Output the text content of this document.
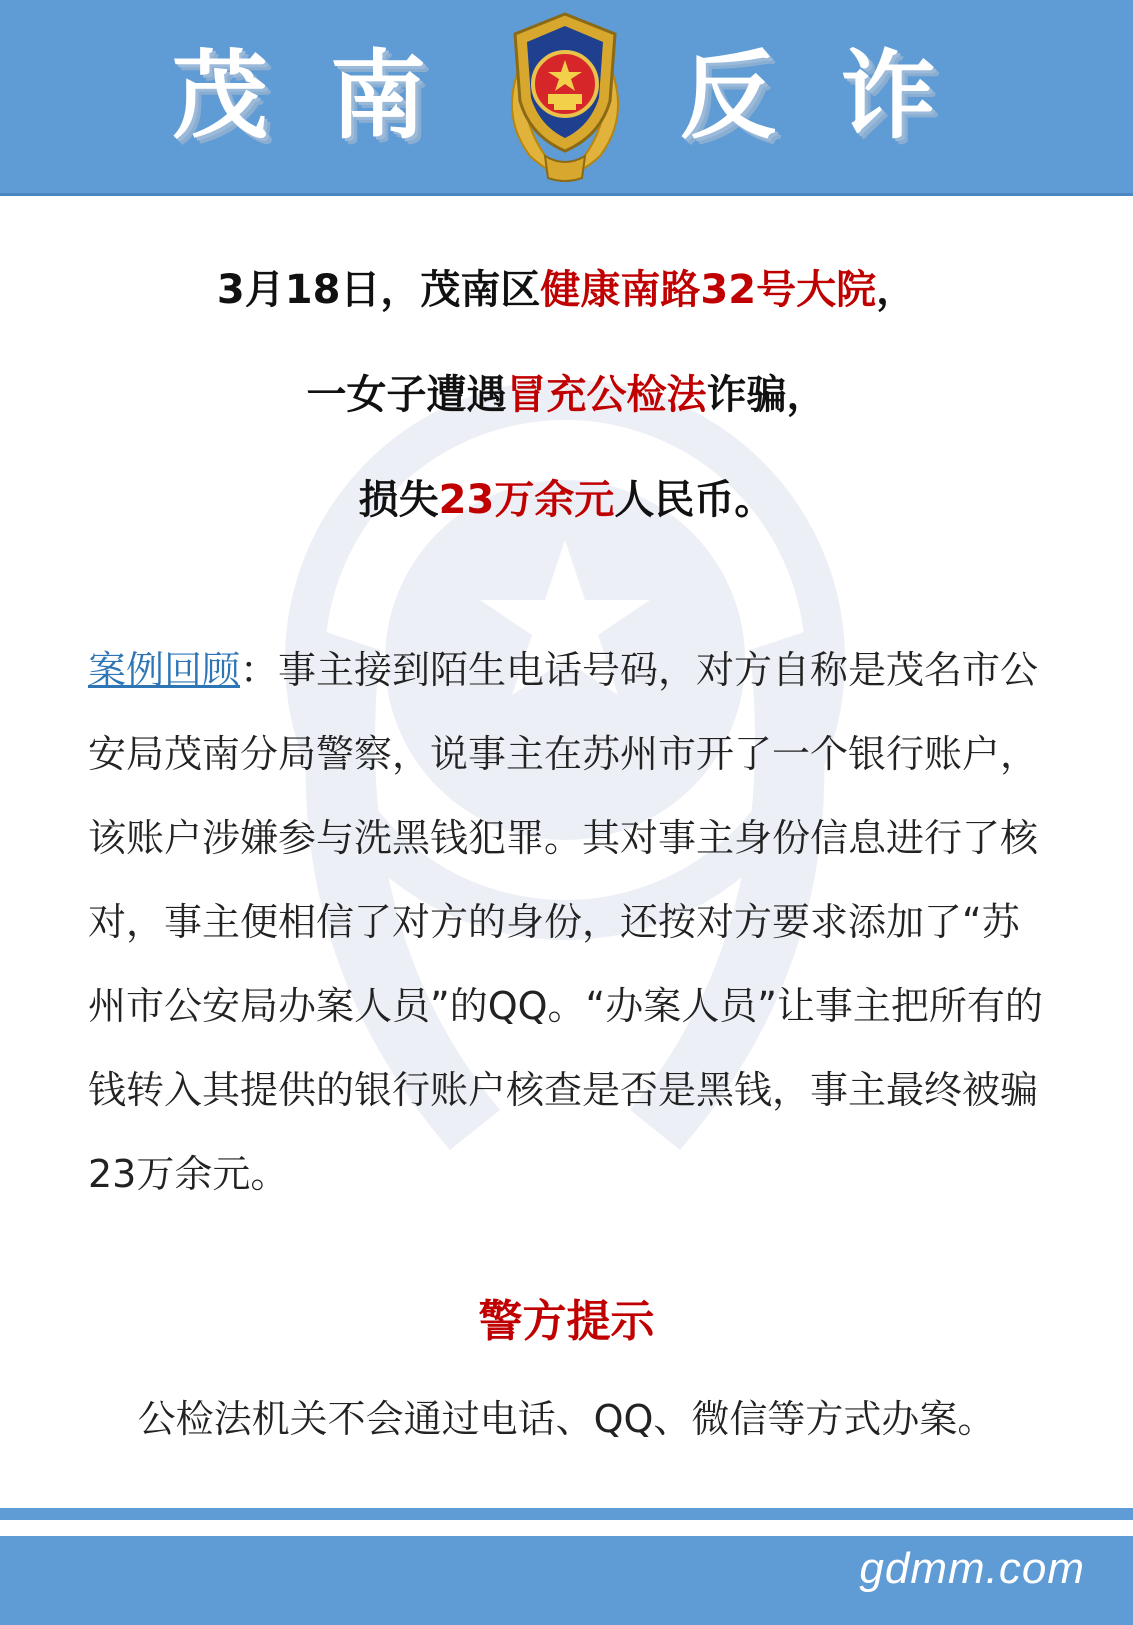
茂 南	反 诈
3月18日，茂南区健康南路32号大院，
一女子遭遇冒充公检法诈骗，
损失23万余元人民币。
案例回顾：事主接到陌生电话号码，对方自称是茂名市公安局茂南分局警察，说事主在苏州市开了一个银行账户，该账户涉嫌参与洗黑钱犯罪。其对事主身份信息进行了核对，事主便相信了对方的身份，还按对方要求添加了“苏州市公安局办案人员”的QQ。“办案人员”让事主把所有的钱转入其提供的银行账户核查是否是黑钱，事主最终被骗23万余元。
警方提示
公检法机关不会通过电话、QQ、微信等方式办案。
gdmm.com
